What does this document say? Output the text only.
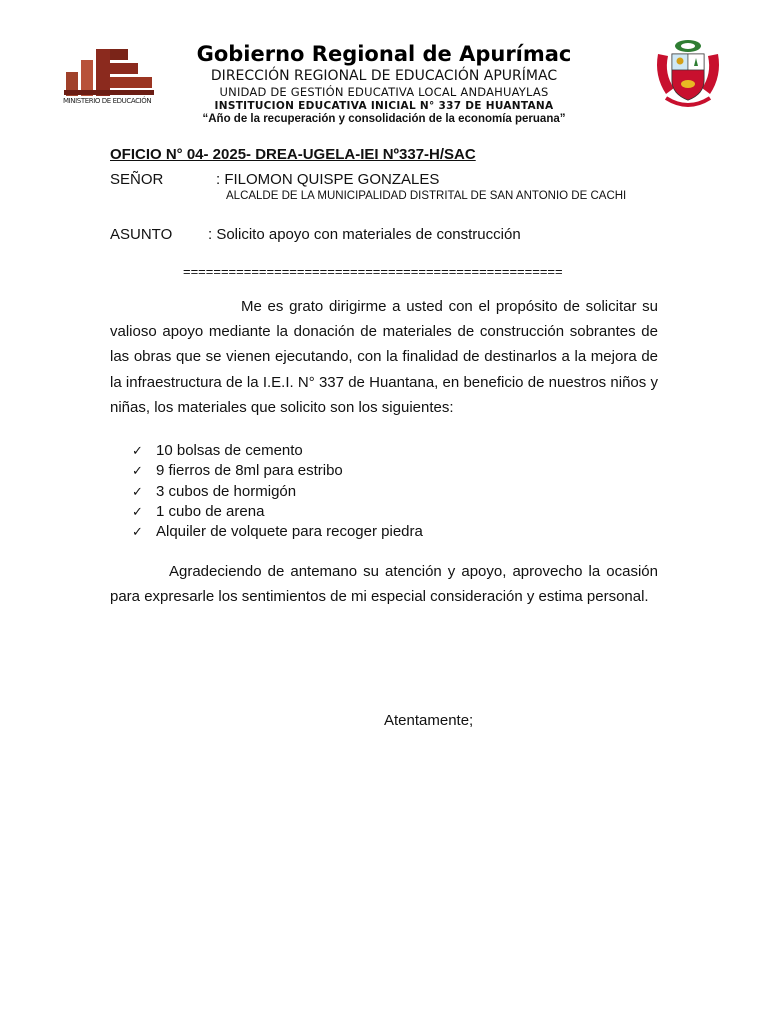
MINISTERIO DE EDUCACIÓN
Gobierno Regional de Apurímac
DIRECCIÓN REGIONAL DE EDUCACIÓN APURÍMAC
UNIDAD DE GESTIÓN EDUCATIVA LOCAL ANDAHUAYLAS
INSTITUCION EDUCATIVA INICIAL N° 337 DE HUANTANA
“Año de la recuperación y consolidación de la economía peruana”
OFICIO N° 04- 2025- DREA-UGELA-IEI Nº337-H/SAC
SEÑOR	: FILOMON QUISPE GONZALES
ALCALDE DE LA MUNICIPALIDAD DISTRITAL DE SAN ANTONIO DE CACHI
ASUNTO : Solicito apoyo con materiales de construcción
==================================================
Me es grato dirigirme a usted con el propósito de solicitar su valioso apoyo mediante la donación de materiales de construcción sobrantes de las obras que se vienen ejecutando, con la finalidad de destinarlos a la mejora de la infraestructura de la I.E.I. N° 337 de Huantana, en beneficio de nuestros niños y niñas, los materiales que solicito son los siguientes:
✓ 10 bolsas de cemento
✓ 9 fierros de 8ml para estribo
✓ 3 cubos de hormigón
✓ 1 cubo de arena
✓ Alquiler de volquete para recoger piedra
Agradeciendo de antemano su atención y apoyo, aprovecho la ocasión para expresarle los sentimientos de mi especial consideración y estima personal.
Atentamente;
